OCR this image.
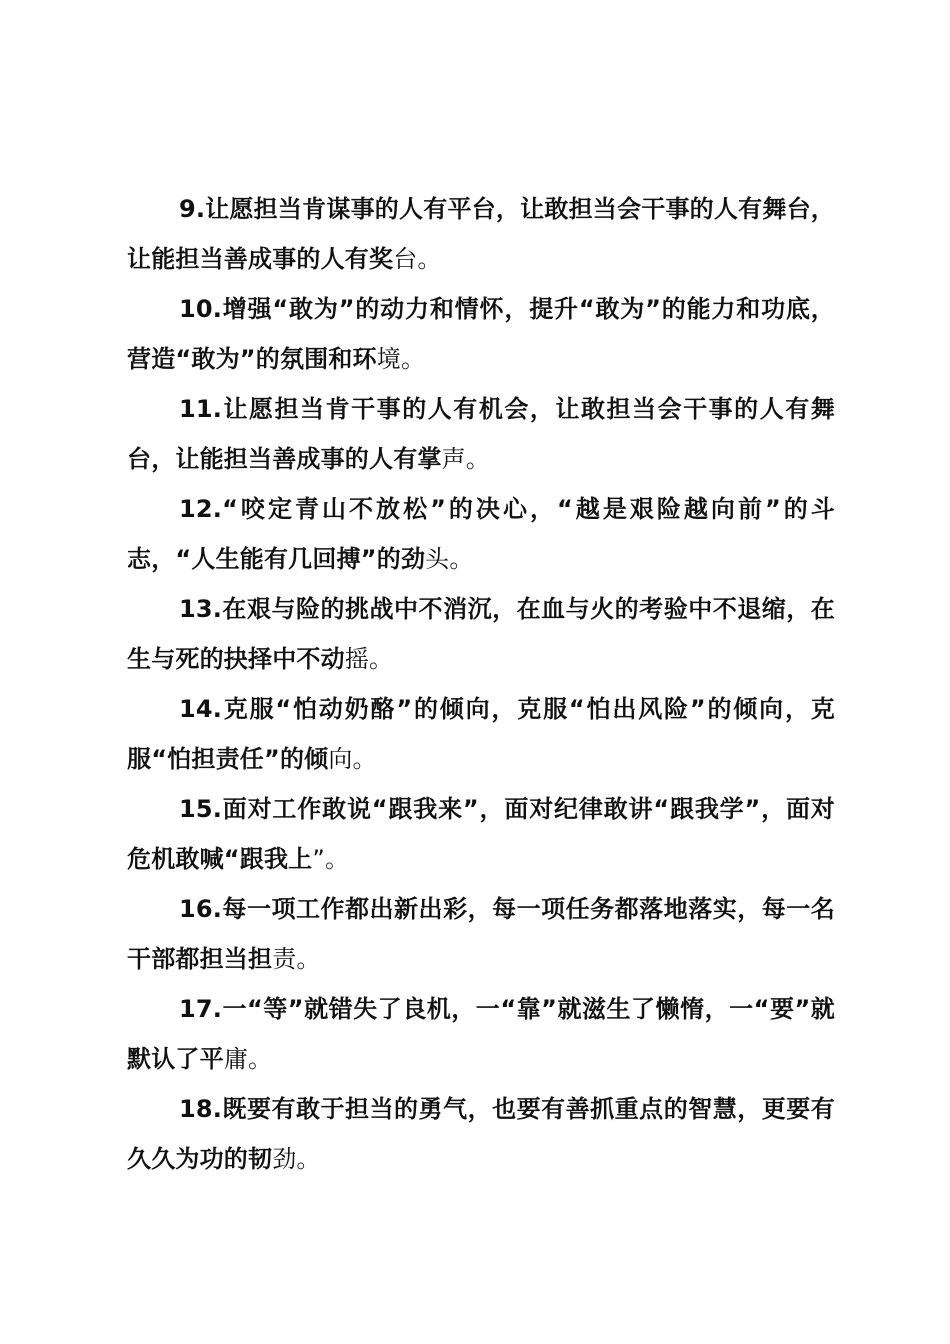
9.让愿担当肯谋事的人有平台，让敢担当会干事的人有舞台，让能担当善成事的人有奖台。

10.增强“敢为”的动力和情怀，提升“敢为”的能力和功底，营造“敢为”的氛围和环境。

11.让愿担当肯干事的人有机会，让敢担当会干事的人有舞台，让能担当善成事的人有掌声。

12.“咬定青山不放松”的决心，“越是艰险越向前”的斗志，“人生能有几回搏”的劲头。

13.在艰与险的挑战中不消沉，在血与火的考验中不退缩，在生与死的抉择中不动摇。

14.克服“怕动奶酪”的倾向，克服“怕出风险”的倾向，克服“怕担责任”的倾向。

15.面对工作敢说“跟我来”，面对纪律敢讲“跟我学”，面对危机敢喊“跟我上”。

16.每一项工作都出新出彩，每一项任务都落地落实，每一名干部都担当担责。

17.一“等”就错失了良机，一“靠”就滋生了懒惰，一“要”就默认了平庸。

18.既要有敢于担当的勇气，也要有善抓重点的智慧，更要有久久为功的韧劲。
